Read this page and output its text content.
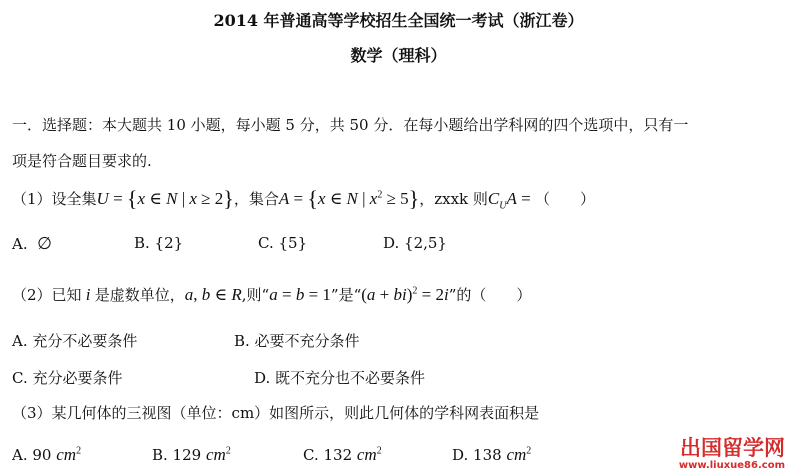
2014 年普通高等学校招生全国统一考试（浙江卷）
数学（理科）
一．选择题：本大题共 10 小题，每小题 5 分，共 50 分．在每小题给出学科网的四个选项中，只有一
项是符合题目要求的.
（1）设全集U = {x ∈ N | x ≥ 2}，集合A = {x ∈ N | $x^2 \ge 5$}，zxxk 则$C_UA$ = （　　）
A. ∅	B. {2}	C. {5}	D. {2,5}
（2）已知 i 是虚数单位，a, b ∈ R,则“a = b = 1”是“(a + bi)$^2$ = 2i”的（　　）
A. 充分不必要条件	B. 必要不充分条件
C. 充分必要条件	D. 既不充分也不必要条件
（3）某几何体的三视图（单位：cm）如图所示，则此几何体的学科网表面积是
A. 90 $cm^2$	B. 129 $cm^2$	C. 132 $cm^2$	D. 138 $cm^2$	出国留学网
www.liuxue86.com
